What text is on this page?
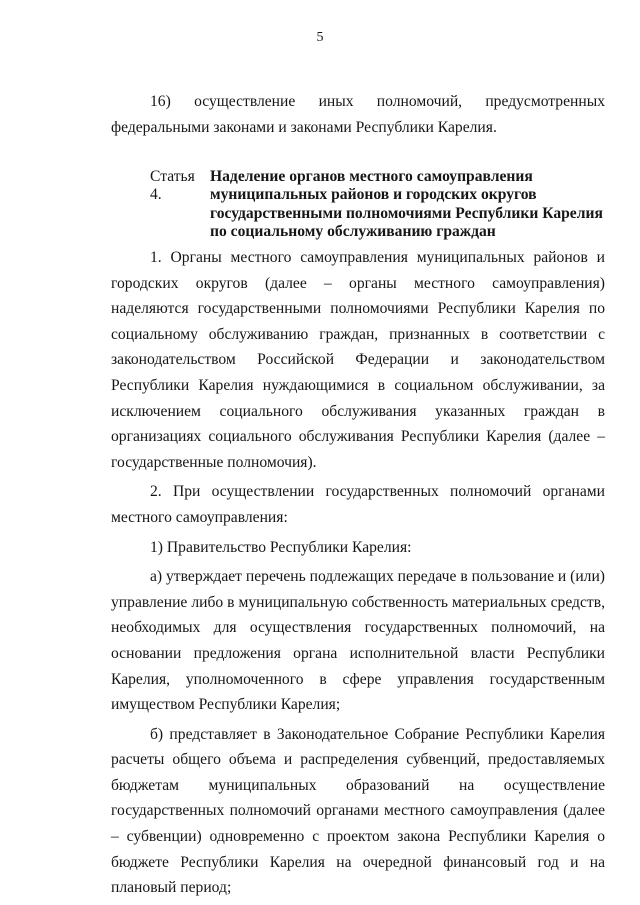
5

16) осуществление иных полномочий, предусмотренных федеральными законами и законами Республики Карелия.

Статья 4.Наделение органов местного самоуправления
муниципальных районов и городских округов
государственными полномочиями Республики Карелия
по социальному обслуживанию граждан

1. Органы местного самоуправления муниципальных районов и городских округов (далее – органы местного самоуправления) наделяются государственными полномочиями Республики Карелия по социальному обслуживанию граждан, признанных в соответствии с законодательством Российской Федерации и законодательством Республики Карелия нуждающимися в социальном обслуживании, за исключением социального обслуживания указанных граждан в организациях социального обслуживания Республики Карелия (далее – государственные полномочия).

2. При осуществлении государственных полномочий органами местного самоуправления:

1) Правительство Республики Карелия:

а) утверждает перечень подлежащих передаче в пользование и (или) управление либо в муниципальную собственность материальных средств, необходимых для осуществления государственных полномочий, на основании предложения органа исполнительной власти Республики Карелия, уполномоченного в сфере управления государственным имуществом Республики Карелия;

б) представляет в Законодательное Собрание Республики Карелия расчеты общего объема и распределения субвенций, предоставляемых бюджетам муниципальных образований на осуществление государственных полномочий органами местного самоуправления (далее – субвенции) одновременно с проектом закона Республики Карелия о бюджете Республики Карелия на очередной финансовый год и на плановый период;
